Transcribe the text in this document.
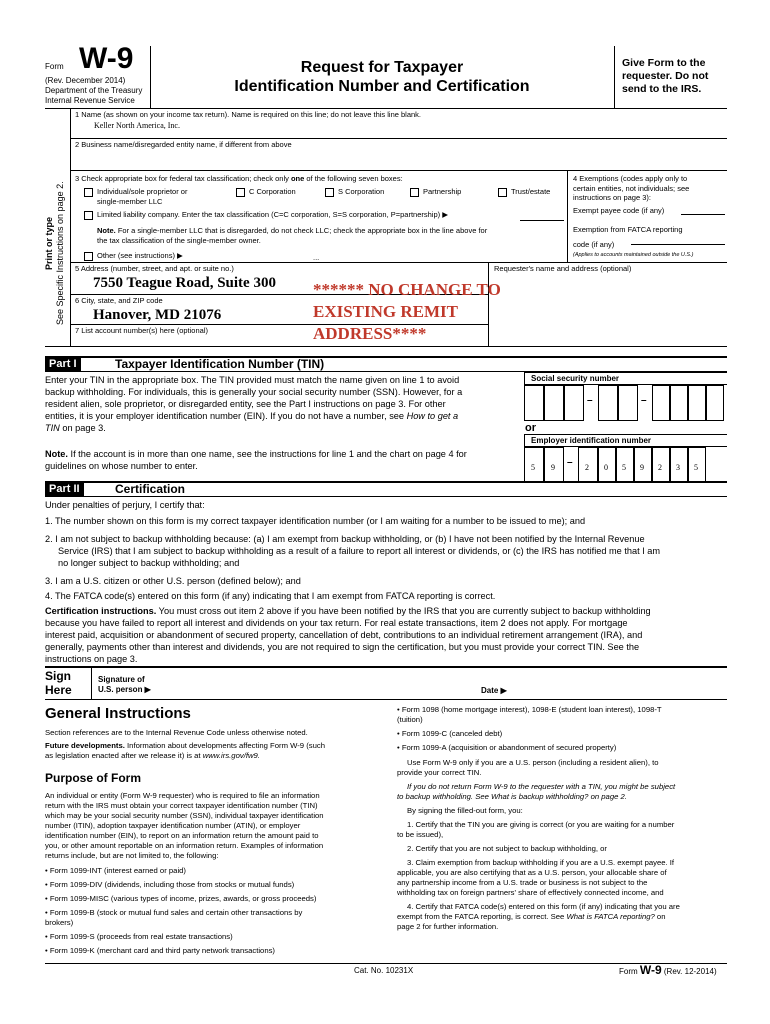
Form W-9
(Rev. December 2014)
Department of the Treasury
Internal Revenue Service
Request for Taxpayer
Identification Number and Certification
Give Form to the
requester. Do not
send to the IRS.
Print or type See Specific Instructions on page 2.
1 Name (as shown on your income tax return). Name is required on this line; do not leave this line blank.
Keller North America, Inc.
2 Business name/disregarded entity name, if different from above
3 Check appropriate box for federal tax classification; check only one of the following seven boxes:
Individual/sole proprietor or
single-member LLC
C Corporation	S Corporation	Partnership	Trust/estate
Limited liability company. Enter the tax classification (C=C corporation, S=S corporation, P=partnership) ▶
Note. For a single-member LLC that is disregarded, do not check LLC; check the appropriate box in the line above for
the tax classification of the single-member owner.
Other (see instructions) ▶	...
4 Exemptions (codes apply only to
certain entities, not individuals; see
instructions on page 3):
Exempt payee code (if any)
Exemption from FATCA reporting
code (if any)
(Applies to accounts maintained outside the U.S.)
5 Address (number, street, and apt. or suite no.)	Requester's name and address (optional)
7550 Teague Road, Suite 300
6 City, state, and ZIP code
Hanover, MD 21076
7 List account number(s) here (optional)
****** NO CHANGE TO
EXISTING REMIT
ADDRESS****
Part I	Taxpayer Identification Number (TIN)
Enter your TIN in the appropriate box. The TIN provided must match the name given on line 1 to avoid
backup withholding. For individuals, this is generally your social security number (SSN). However, for a
resident alien, sole proprietor, or disregarded entity, see the Part I instructions on page 3. For other
entities, it is your employer identification number (EIN). If you do not have a number, see How to get a
TIN on page 3.
Note. If the account is in more than one name, see the instructions for line 1 and the chart on page 4 for
guidelines on whose number to enter.
Social security number
–	–
or
Employer identification number
–
5 9	2 0 5 9 2 3 5
Part II	Certification
Under penalties of perjury, I certify that:
1. The number shown on this form is my correct taxpayer identification number (or I am waiting for a number to be issued to me); and
2. I am not subject to backup withholding because: (a) I am exempt from backup withholding, or (b) I have not been notified by the Internal Revenue
Service (IRS) that I am subject to backup withholding as a result of a failure to report all interest or dividends, or (c) the IRS has notified me that I am
no longer subject to backup withholding; and
3. I am a U.S. citizen or other U.S. person (defined below); and
4. The FATCA code(s) entered on this form (if any) indicating that I am exempt from FATCA reporting is correct.
Certification instructions. You must cross out item 2 above if you have been notified by the IRS that you are currently subject to backup withholding
because you have failed to report all interest and dividends on your tax return. For real estate transactions, item 2 does not apply. For mortgage
interest paid, acquisition or abandonment of secured property, cancellation of debt, contributions to an individual retirement arrangement (IRA), and
generally, payments other than interest and dividends, you are not required to sign the certification, but you must provide your correct TIN. See the
instructions on page 3.
Sign
Here
Signature of
U.S. person ▶	Date ▶
General Instructions
Section references are to the Internal Revenue Code unless otherwise noted.
Future developments. Information about developments affecting Form W-9 (such
as legislation enacted after we release it) is at www.irs.gov/fw9.
Purpose of Form
An individual or entity (Form W-9 requester) who is required to file an information
return with the IRS must obtain your correct taxpayer identification number (TIN)
which may be your social security number (SSN), individual taxpayer identification
number (ITIN), adoption taxpayer identification number (ATIN), or employer
identification number (EIN), to report on an information return the amount paid to
you, or other amount reportable on an information return. Examples of information
returns include, but are not limited to, the following:
• Form 1099-INT (interest earned or paid)
• Form 1099-DIV (dividends, including those from stocks or mutual funds)
• Form 1099-MISC (various types of income, prizes, awards, or gross proceeds)
• Form 1099-B (stock or mutual fund sales and certain other transactions by
brokers)
• Form 1099-S (proceeds from real estate transactions)
• Form 1099-K (merchant card and third party network transactions)
• Form 1098 (home mortgage interest), 1098-E (student loan interest), 1098-T
(tuition)
• Form 1099-C (canceled debt)
• Form 1099-A (acquisition or abandonment of secured property)
Use Form W-9 only if you are a U.S. person (including a resident alien), to
provide your correct TIN.
If you do not return Form W-9 to the requester with a TIN, you might be subject
to backup withholding. See What is backup withholding? on page 2.
By signing the filled-out form, you:
1. Certify that the TIN you are giving is correct (or you are waiting for a number
to be issued),
2. Certify that you are not subject to backup withholding, or
3. Claim exemption from backup withholding if you are a U.S. exempt payee. If
applicable, you are also certifying that as a U.S. person, your allocable share of
any partnership income from a U.S. trade or business is not subject to the
withholding tax on foreign partners' share of effectively connected income, and
4. Certify that FATCA code(s) entered on this form (if any) indicating that you are
exempt from the FATCA reporting, is correct. See What is FATCA reporting? on
page 2 for further information.
Cat. No. 10231X	Form W-9 (Rev. 12-2014)
